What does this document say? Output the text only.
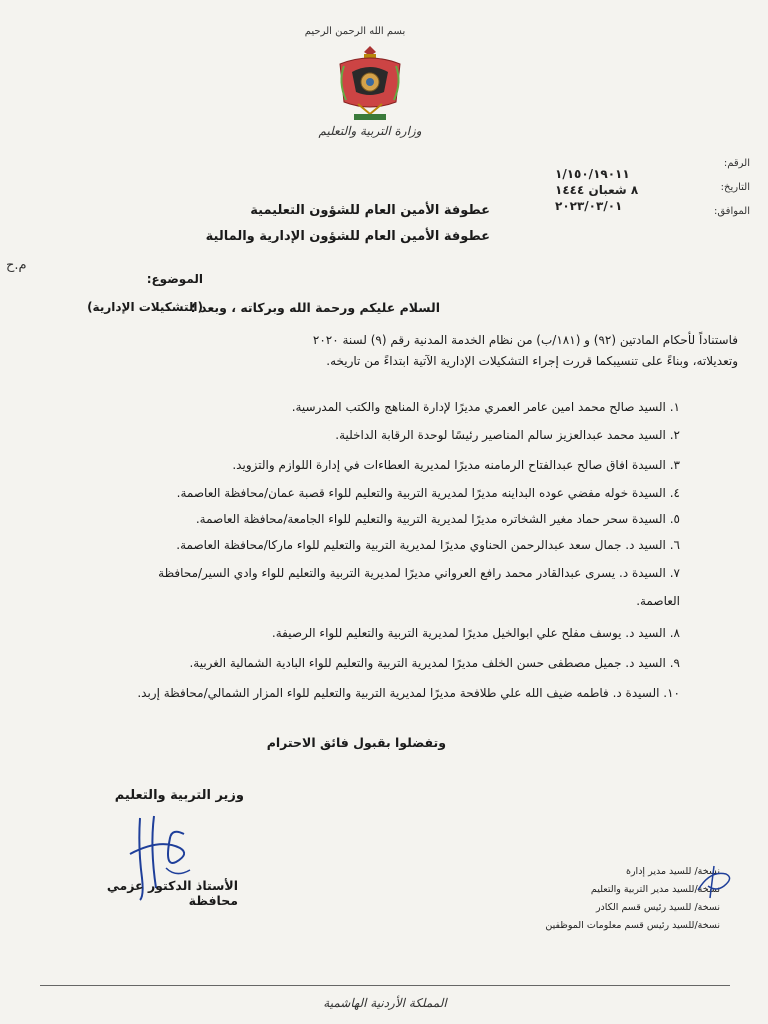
بسم الله الرحمن الرحيم
وزارة التربية والتعليم
الرقم:
التاريخ:
الموافق:
١/١٥٠/١٩٠١١
٨ شعبان ١٤٤٤
٢٠٢٣/٠٣/٠١
عطوفة الأمين العام للشؤون التعليمية
عطوفة الأمين العام للشؤون الإدارية والمالية
م.ح
الموضوع:
(التشكيلات الإدارية)
السلام عليكم ورحمة الله وبركاته ، وبعد ؛
فاستناداً لأحكام المادتين (٩٢) و (١٨١/ب) من نظام الخدمة المدنية رقم (٩) لسنة ٢٠٢٠
وتعديلاته، وبناءً على تنسيبكما قررت إجراء التشكيلات الإدارية الآتية ابتداءً من تاريخه.
١. السيد صالح محمد امين عامر العمري مديرًا لإدارة المناهج والكتب المدرسية.
٢. السيد محمد عبدالعزيز سالم المناصير رئيسًا لوحدة الرقابة الداخلية.
٣. السيدة افاق صالح عبدالفتاح الرمامنه مديرًا لمديرية العطاءات في إدارة اللوازم والتزويد.
٤. السيدة خوله مفضي عوده البداينه مديرًا لمديرية التربية والتعليم للواء قصبة عمان/محافظة العاصمة.
٥. السيدة سحر حماد مغير الشخاتره مديرًا لمديرية التربية والتعليم للواء الجامعة/محافظة العاصمة.
٦. السيد د. جمال سعد عبدالرحمن الحناوي مديرًا لمديرية التربية والتعليم للواء ماركا/محافظة العاصمة.
٧. السيدة د. يسرى عبدالقادر محمد رافع العرواني مديرًا لمديرية التربية والتعليم للواء وادي السير/محافظة
العاصمة.
٨. السيد د. يوسف مفلح علي ابوالخيل مديرًا لمديرية التربية والتعليم للواء الرصيفة.
٩. السيد د. جميل مصطفى حسن الخلف مديرًا لمديرية التربية والتعليم للواء البادية الشمالية الغربية.
١٠. السيدة د. فاطمه ضيف الله علي طلافحة مديرًا لمديرية التربية والتعليم للواء المزار الشمالي/محافظة إربد.
وتفضلوا بقبول فائق الاحترام
وزير التربية والتعليم
الأستاذ الدكتور عزمي محافظة
نسخة/ للسيد مدير إدارة
نسخة/للسيد مدير التربية والتعليم
نسخة/ للسيد رئيس قسم الكادر
نسخة/للسيد رئيس قسم معلومات الموظفين
المملكة الأردنية الهاشمية
